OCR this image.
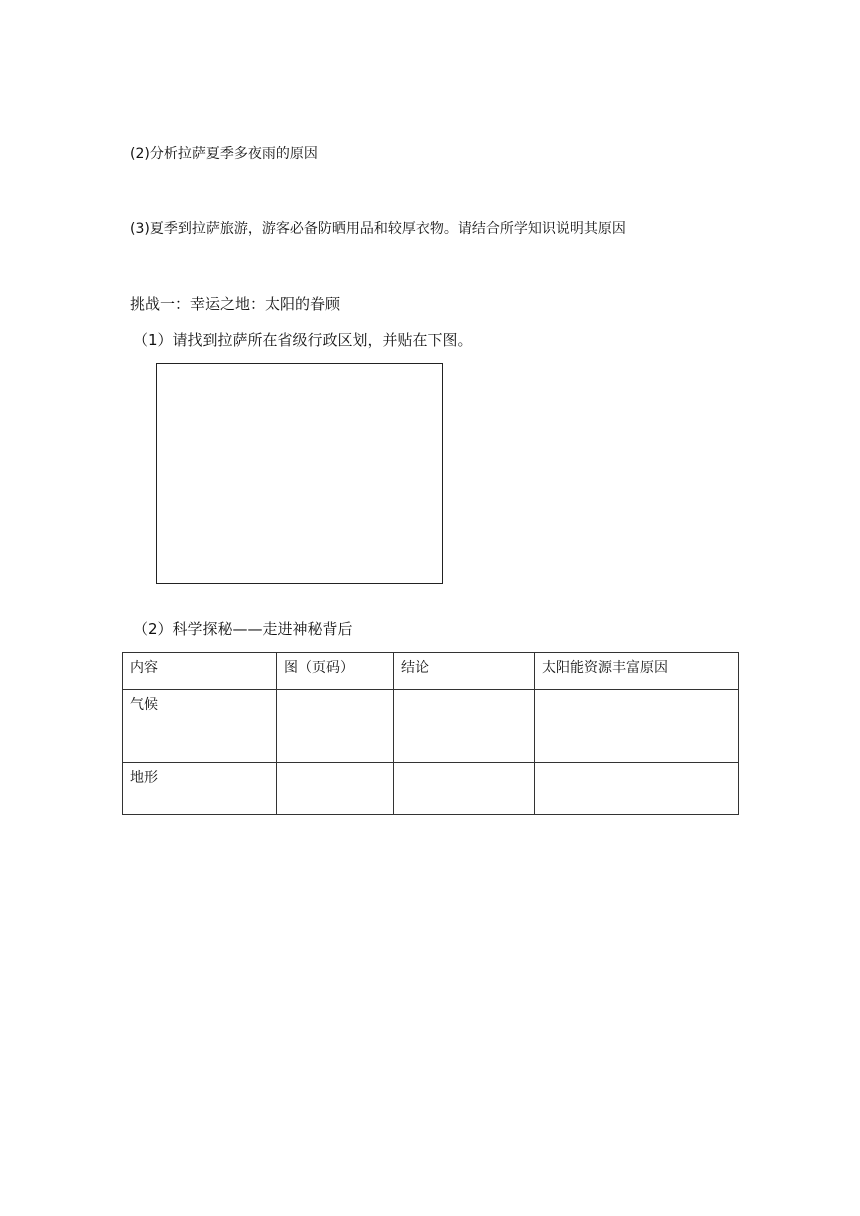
(2)分析拉萨夏季多夜雨的原因
(3)夏季到拉萨旅游，游客必备防晒用品和较厚衣物。请结合所学知识说明其原因
挑战一：幸运之地：太阳的眷顾
（1）请找到拉萨所在省级行政区划，并贴在下图。
（2）科学探秘——走进神秘背后
内容	图（页码）	结论	太阳能资源丰富原因
气候			
地形			
